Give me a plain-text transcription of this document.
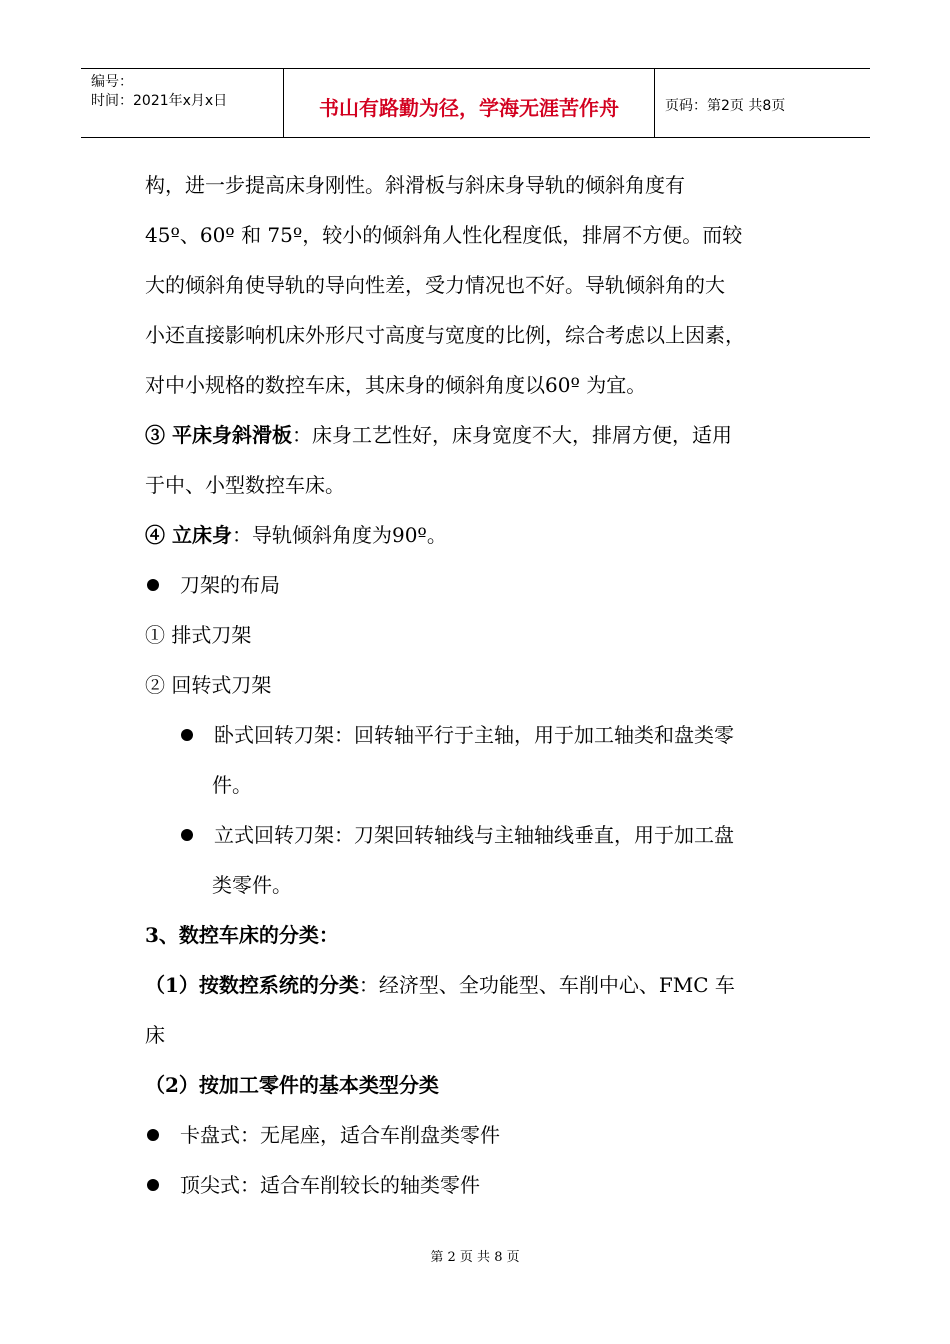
编号：
时间：2021年x月x日	书山有路勤为径，学海无涯苦作舟	页码：第2页 共8页
构，进一步提高床身刚性。斜滑板与斜床身导轨的倾斜角度有
45º、60º 和 75º，较小的倾斜角人性化程度低，排屑不方便。而较
大的倾斜角使导轨的导向性差，受力情况也不好。导轨倾斜角的大
小还直接影响机床外形尺寸高度与宽度的比例，综合考虑以上因素，
对中小规格的数控车床，其床身的倾斜角度以60º 为宜。
③ 平床身斜滑板：床身工艺性好，床身宽度不大，排屑方便，适用
于中、小型数控车床。
④ 立床身：导轨倾斜角度为90º。
刀架的布局
① 排式刀架
② 回转式刀架
卧式回转刀架：回转轴平行于主轴，用于加工轴类和盘类零
件。
立式回转刀架：刀架回转轴线与主轴轴线垂直，用于加工盘
类零件。
3、数控车床的分类：
（1）按数控系统的分类：经济型、全功能型、车削中心、FMC 车
床
（2）按加工零件的基本类型分类
卡盘式：无尾座，适合车削盘类零件
顶尖式：适合车削较长的轴类零件
第 2 页 共 8 页
